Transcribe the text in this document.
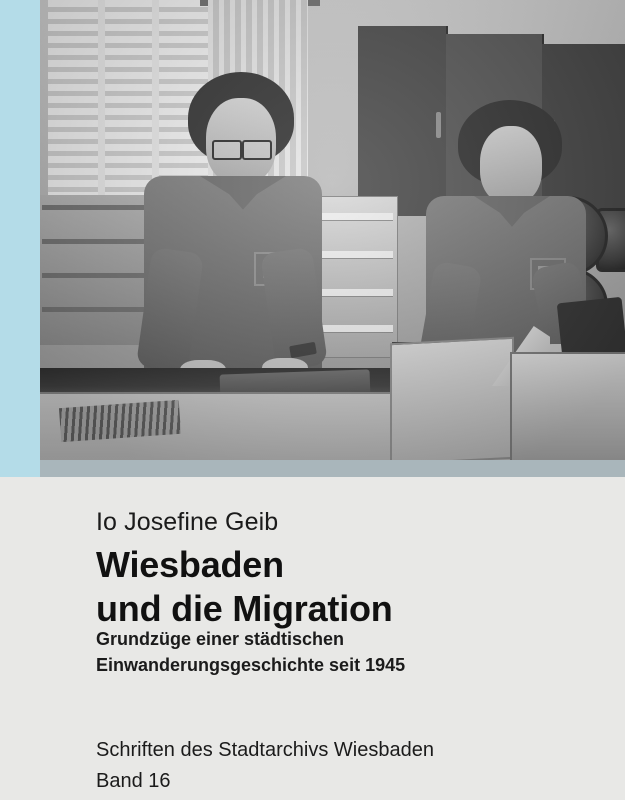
Io Josefine Geib
Wiesbaden
und die Migration
Grundzüge einer städtischen
Einwanderungsgeschichte seit 1945
Schriften des Stadtarchivs Wiesbaden
Band 16
